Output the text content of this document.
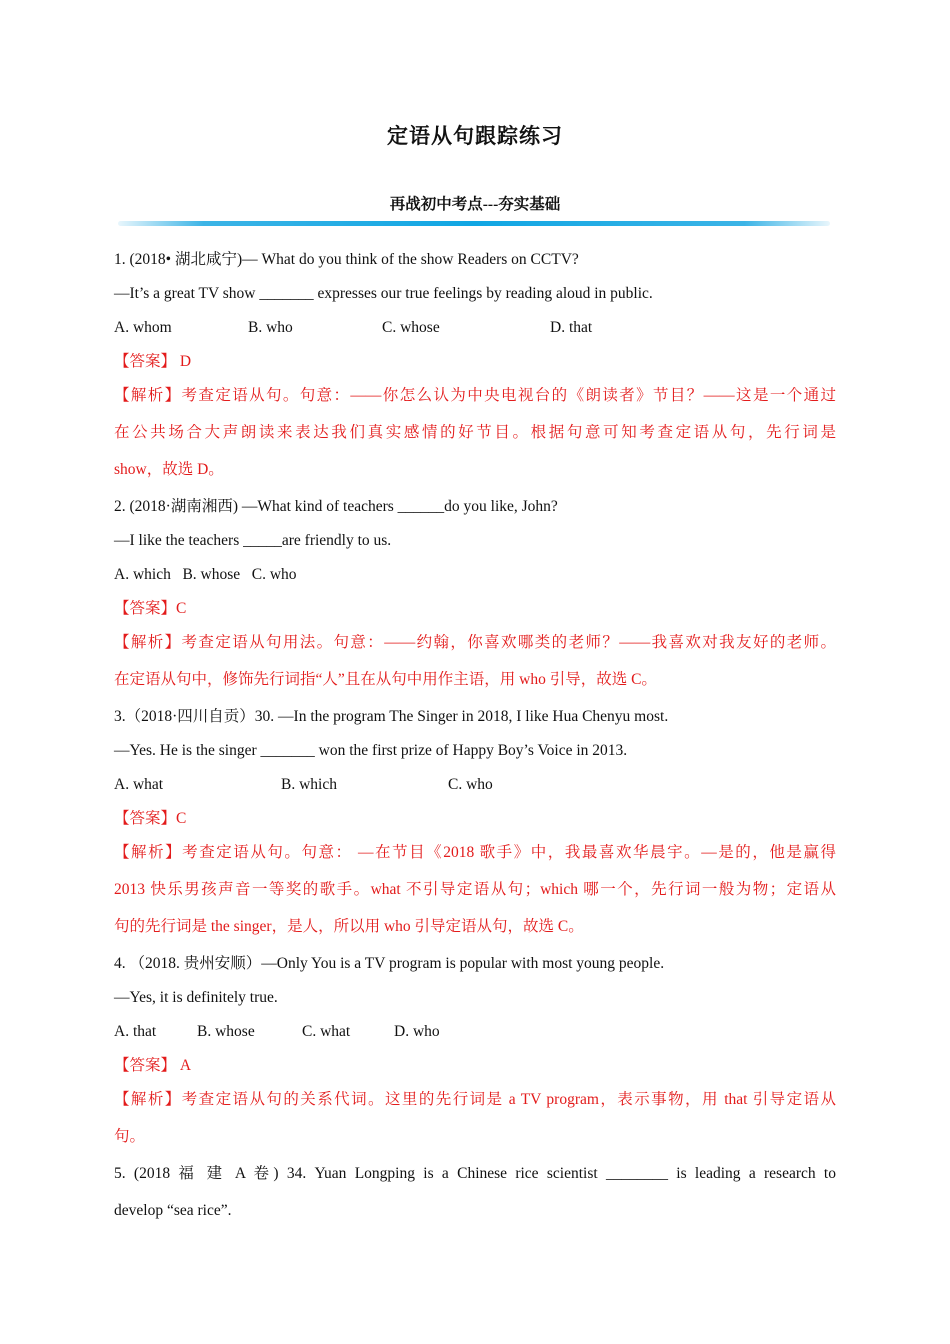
定语从句跟踪练习
再战初中考点---夯实基础
1. (2018• 湖北咸宁)— What do you think of the show Readers on CCTV?
—It’s a great TV show _______ expresses our true feelings by reading aloud in public.
A. whom	B. who	C. whose	D. that
【答案】 D
【解析】考查定语从句。句意：——你怎么认为中央电视台的《朗读者》节目？——这是一个通过
在公共场合大声朗读来表达我们真实感情的好节目。根据句意可知考查定语从句，先行词是
show，故选 D。
2. (2018·湖南湘西) —What kind of teachers ______do you like, John?
—I like the teachers _____are friendly to us.
A. which   B. whose   C. who
【答案】C
【解析】考查定语从句用法。句意：——约翰，你喜欢哪类的老师？——我喜欢对我友好的老师。
在定语从句中，修饰先行词指“人”且在从句中用作主语，用 who 引导，故选 C。
3.（2018·四川自贡）30. —In the program The Singer in 2018, I like Hua Chenyu most.
—Yes. He is the singer _______ won the first prize of Happy Boy’s Voice in 2013.
A. what	B. which	C. who
【答案】C
【解析】考查定语从句。句意： —在节目《2018 歌手》中，我最喜欢华晨宇。—是的，他是赢得
2013 快乐男孩声音一等奖的歌手。what 不引导定语从句；which 哪一个，先行词一般为物；定语从
句的先行词是 the singer，是人，所以用 who 引导定语从句，故选 C。
4. （2018. 贵州安顺）—Only You is a TV program is popular with most young people.
—Yes, it is definitely true.
A. that	B. whose	C. what	D. who
【答案】 A
【解析】考查定语从句的关系代词。这里的先行词是 a TV program，表示事物，用 that 引导定语从
句。
5. (2018 福 建 A 卷) 34. Yuan Longping is a Chinese rice scientist ________ is leading a research to
develop “sea rice”.
